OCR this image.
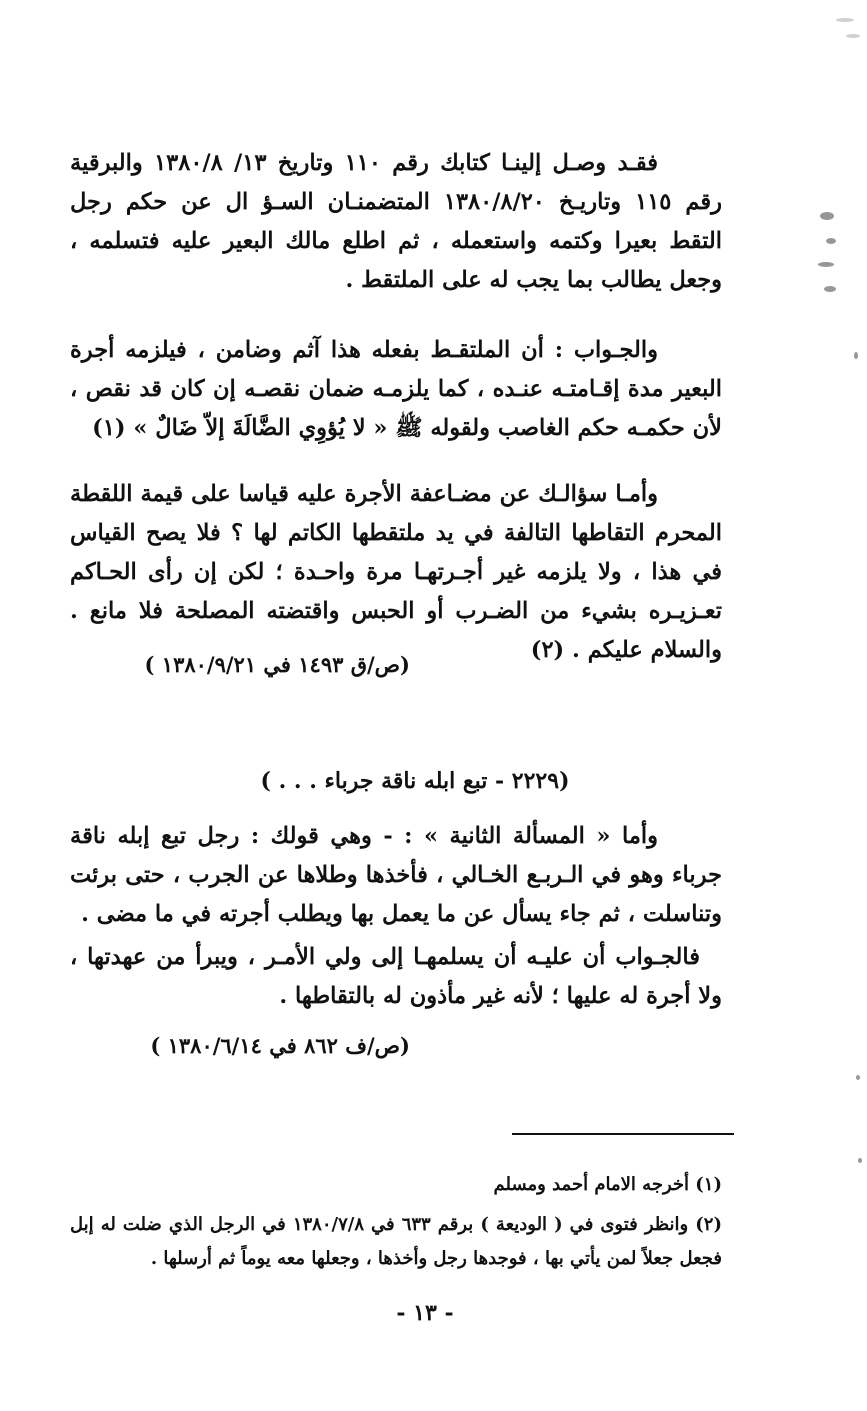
فقـد وصـل إلينـا كتابك رقم ١١٠ وتاريخ ١٣/ ١٣٨٠/٨ والبرقية رقم ١١٥ وتاريـخ ١٣٨٠/٨/٢٠ المتضمنـان السـؤ ال عن حكم رجل التقط بعيرا وكتمه واستعمله ، ثم اطلع مالك البعير عليه فتسلمه ، وجعل يطالب بما يجب له على الملتقط .

والجـواب : أن الملتقـط بفعله هذا آثم وضامن ، فيلزمه أجرة البعير مدة إقـامتـه عنـده ، كما يلزمـه ضمان نقصـه إن كان قد نقص ، لأن حكمـه حكم الغاصب ولقوله ﷺ « لا يُؤوِي الضَّالَةَ إلاّ ضَالٌ » (١)

وأمـا سؤالـك عن مضـاعفة الأجرة عليه قياسا على قيمة اللقطة المحرم التقاطها التالفة في يد ملتقطها الكاتم لها ؟ فلا يصح القياس في هذا ، ولا يلزمه غير أجـرتهـا مرة واحـدة ؛ لكن إن رأى الحـاكم تعـزيـره بشيء من الضـرب أو الحبس واقتضته المصلحة فلا مانع . والسلام عليكم . (٢)

(ص/ق ١٤٩٣ في ١٣٨٠/٩/٢١ )
(٢٢٢٩ - تبع ابله ناقة جرباء . . . )

وأما « المسألة الثانية » : - وهي قولك : رجل تبع إبله ناقة جرباء وهو في الـربـع الخـالي ، فأخذها وطلاها عن الجرب ، حتى برئت وتناسلت ، ثم جاء يسأل عن ما يعمل بها ويطلب أجرته في ما مضى .

فالجـواب أن عليـه أن يسلمهـا إلى ولي الأمـر ، ويبرأ من عهدتها ، ولا أجرة له عليها ؛ لأنه غير مأذون له بالتقاطها .

(ص/ف ٨٦٢ في ١٣٨٠/٦/١٤ )
(١) أخرجه الامام أحمد ومسلم
(٢) وانظر فتوى في ( الوديعة ) برقم ٦٣٣ في ١٣٨٠/٧/٨ في الرجل الذي ضلت له إبل فجعل جعلاً لمن يأتي بها ، فوجدها رجل وأخذها ، وجعلها معه يوماً ثم أرسلها .
- ١٣ -
